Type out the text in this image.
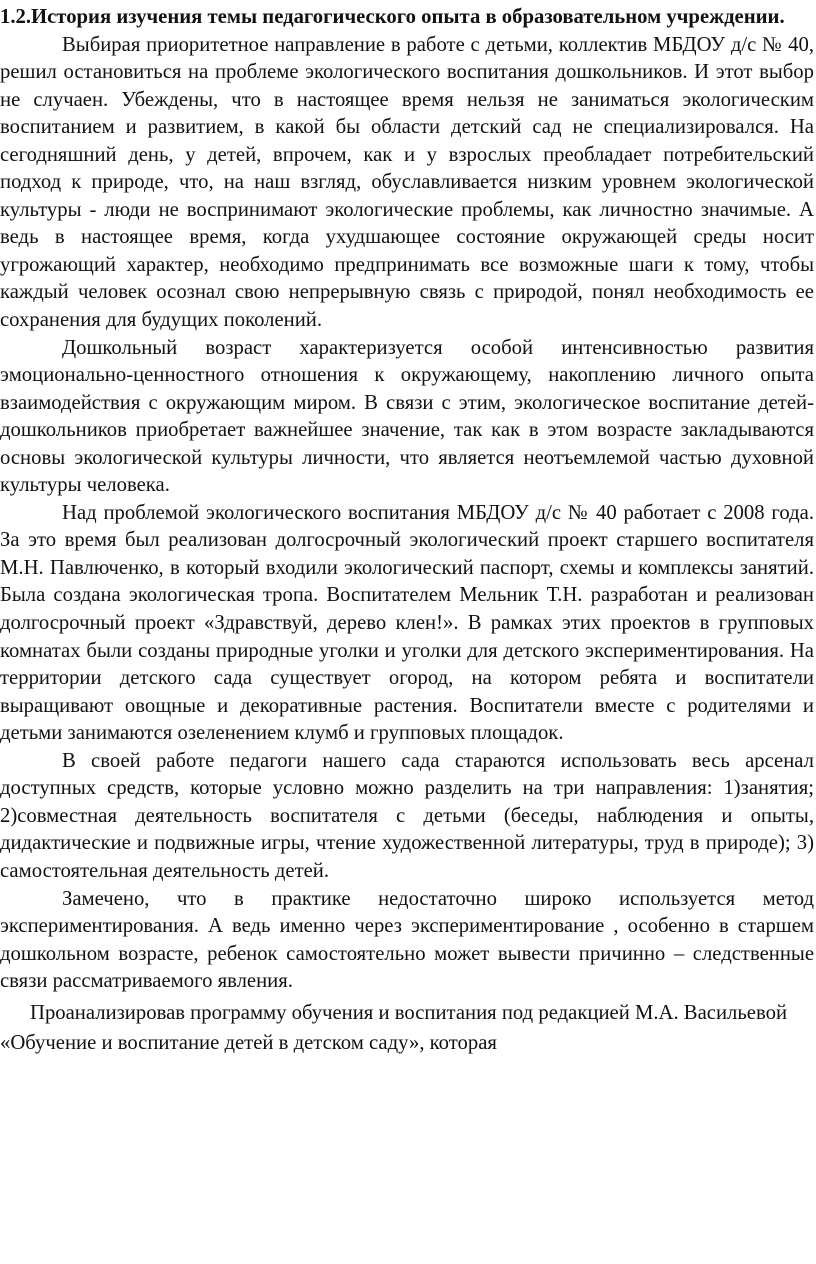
1.2.История изучения темы педагогического опыта в образовательном учреждении.

Выбирая приоритетное направление в работе с детьми, коллектив МБДОУ д/с № 40, решил остановиться на проблеме экологического воспитания дошкольников. И этот выбор не случаен. Убеждены, что в настоящее время нельзя не заниматься экологическим воспитанием и развитием, в какой бы области детский сад не специализировался. На сегодняшний день, у детей, впрочем, как и у взрослых преобладает потребительский подход к природе, что, на наш взгляд, обуславливается низким уровнем экологической культуры - люди не воспринимают экологические проблемы, как личностно значимые. А ведь в настоящее время, когда ухудшающее состояние окружающей среды носит угрожающий характер, необходимо предпринимать все возможные шаги к тому, чтобы каждый человек осознал свою непрерывную связь с природой, понял необходимость ее сохранения для будущих поколений.

Дошкольный возраст характеризуется особой интенсивностью развития эмоционально-ценностного отношения к окружающему, накоплению личного опыта взаимодействия с окружающим миром. В связи с этим, экологическое воспитание детей-дошкольников приобретает важнейшее значение, так как в этом возрасте закладываются основы экологической культуры личности, что является неотъемлемой частью духовной культуры человека.

Над проблемой экологического воспитания МБДОУ д/с № 40 работает с 2008 года. За это время был реализован долгосрочный экологический проект старшего воспитателя М.Н. Павлюченко, в который входили экологический паспорт, схемы и комплексы занятий. Была создана экологическая тропа. Воспитателем Мельник Т.Н. разработан и реализован долгосрочный проект «Здравствуй, дерево клен!». В рамках этих проектов в групповых комнатах были созданы природные уголки и уголки для детского экспериментирования. На территории детского сада существует огород, на котором ребята и воспитатели выращивают овощные и декоративные растения. Воспитатели вместе с родителями и детьми занимаются озеленением клумб и групповых площадок.

В своей работе педагоги нашего сада стараются использовать весь арсенал доступных средств, которые условно можно разделить на три направления: 1)занятия; 2)совместная деятельность воспитателя с детьми (беседы, наблюдения и опыты, дидактические и подвижные игры, чтение художественной литературы, труд в природе); 3) самостоятельная деятельность детей.

Замечено, что в практике недостаточно широко используется метод экспериментирования. А ведь именно через экспериментирование , особенно в старшем дошкольном возрасте, ребенок самостоятельно может вывести причинно – следственные связи рассматриваемого явления.

Проанализировав программу обучения и воспитания под редакцией М.А. Васильевой «Обучение и воспитание детей в детском саду», которая
